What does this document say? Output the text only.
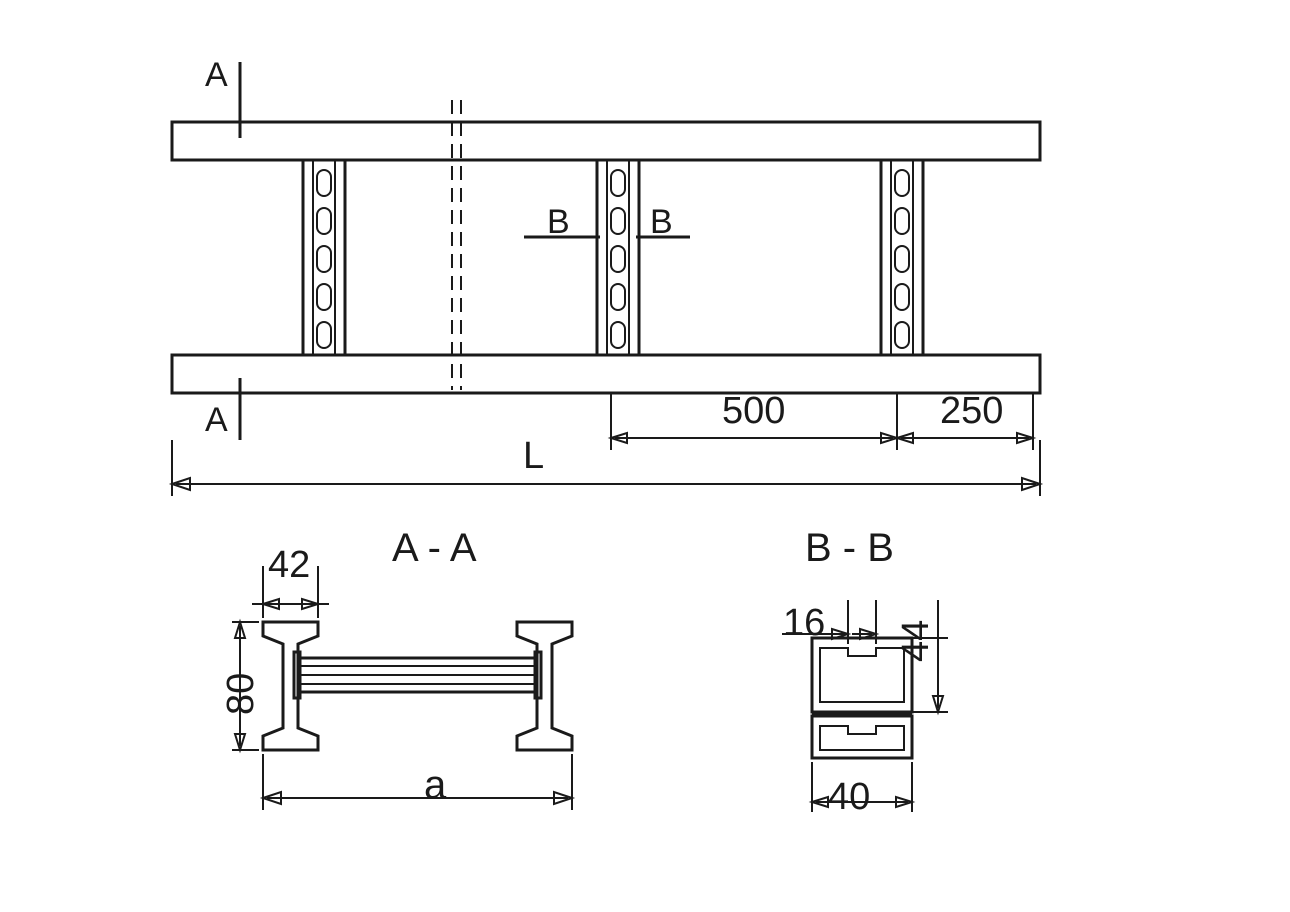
A
A
B B
500	250
L
A - A	B - B
42
80
a
16 44
40
